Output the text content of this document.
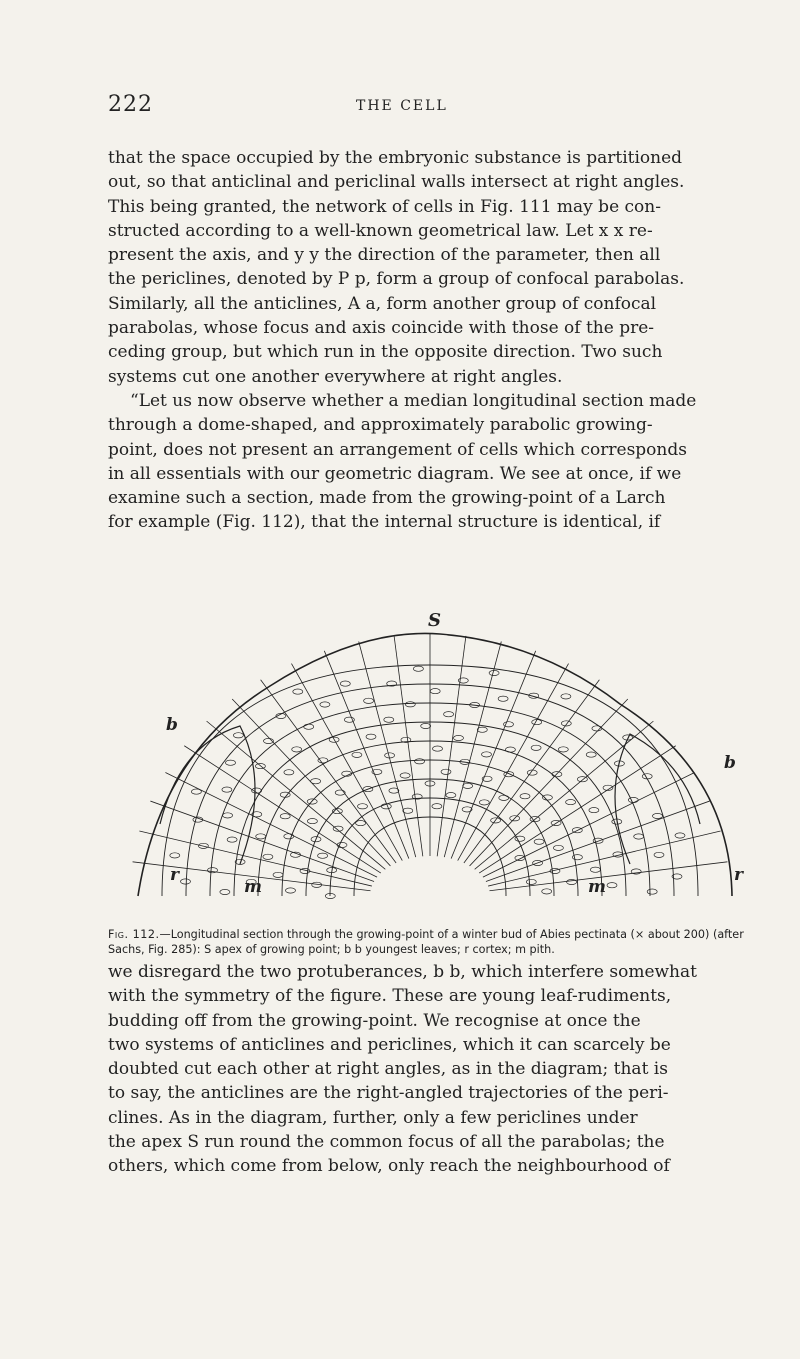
222	THE CELL

that the space occupied by the embryonic substance is partitioned

out, so that anticlinal and periclinal walls intersect at right angles.

This being granted, the network of cells in Fig. 111 may be con-

structed according to a well-known geometrical law. Let x x re-

present the axis, and y y the direction of the parameter, then all

the periclines, denoted by P p, form a group of confocal parabolas.

Similarly, all the anticlines, A a, form another group of confocal

parabolas, whose focus and axis coincide with those of the pre-

ceding group, but which run in the opposite direction. Two such

systems cut one another everywhere at right angles.

“Let us now observe whether a median longitudinal section made

through a dome-shaped, and approximately parabolic growing-

point, does not present an arrangement of cells which corresponds

in all essentials with our geometric diagram. We see at once, if we

examine such a section, made from the growing-point of a Larch

for example (Fig. 112), that the internal structure is identical, if

S
b
b
r	r
m	m
Fig. 112.—Longitudinal section through the growing-point of a winter bud of Abies pectinata (× about 200) (after Sachs, Fig. 285): S apex of growing point; b b youngest leaves; r cortex; m pith.

we disregard the two protuberances, b b, which interfere somewhat

with the symmetry of the figure. These are young leaf-rudiments,

budding off from the growing-point. We recognise at once the

two systems of anticlines and periclines, which it can scarcely be

doubted cut each other at right angles, as in the diagram; that is

to say, the anticlines are the right-angled trajectories of the peri-

clines. As in the diagram, further, only a few periclines under

the apex S run round the common focus of all the parabolas; the

others, which come from below, only reach the neighbourhood of
